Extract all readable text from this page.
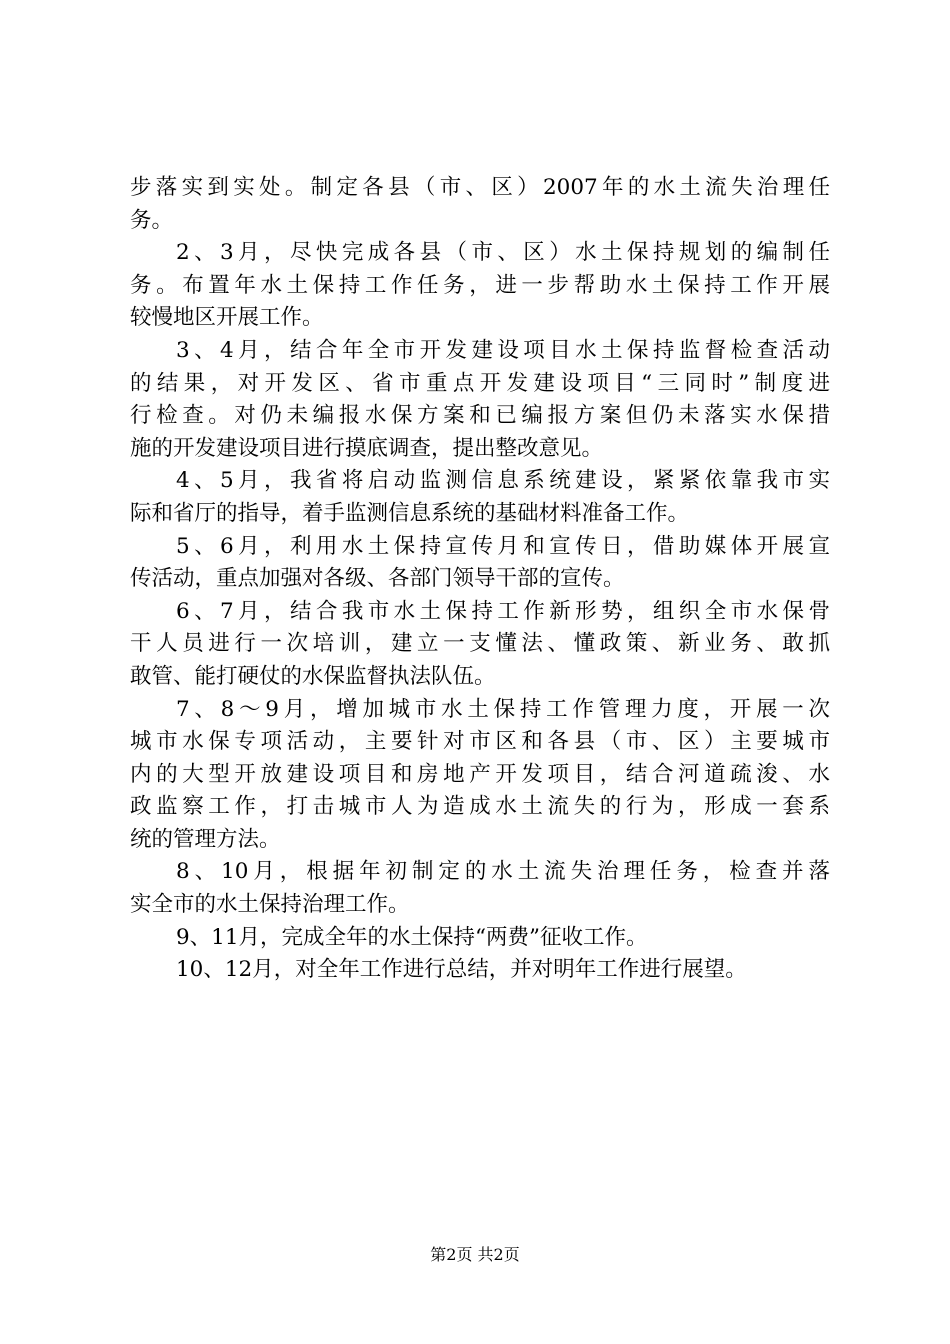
步落实到实处。制定各县（市、区）2007年的水土流失治理任
务。
2、3月，尽快完成各县（市、区）水土保持规划的编制任
务。布置年水土保持工作任务，进一步帮助水土保持工作开展
较慢地区开展工作。
3、4月，结合年全市开发建设项目水土保持监督检查活动
的结果，对开发区、省市重点开发建设项目“三同时”制度进
行检查。对仍未编报水保方案和已编报方案但仍未落实水保措
施的开发建设项目进行摸底调查，提出整改意见。
4、5月，我省将启动监测信息系统建设，紧紧依靠我市实
际和省厅的指导，着手监测信息系统的基础材料准备工作。
5、6月，利用水土保持宣传月和宣传日，借助媒体开展宣
传活动，重点加强对各级、各部门领导干部的宣传。
6、7月，结合我市水土保持工作新形势，组织全市水保骨
干人员进行一次培训，建立一支懂法、懂政策、新业务、敢抓
敢管、能打硬仗的水保监督执法队伍。
7、8～9月，增加城市水土保持工作管理力度，开展一次
城市水保专项活动，主要针对市区和各县（市、区）主要城市
内的大型开放建设项目和房地产开发项目，结合河道疏浚、水
政监察工作，打击城市人为造成水土流失的行为，形成一套系
统的管理方法。
8、10月，根据年初制定的水土流失治理任务，检查并落
实全市的水土保持治理工作。
9、11月，完成全年的水土保持“两费”征收工作。
10、12月，对全年工作进行总结，并对明年工作进行展望。
第2页 共2页
